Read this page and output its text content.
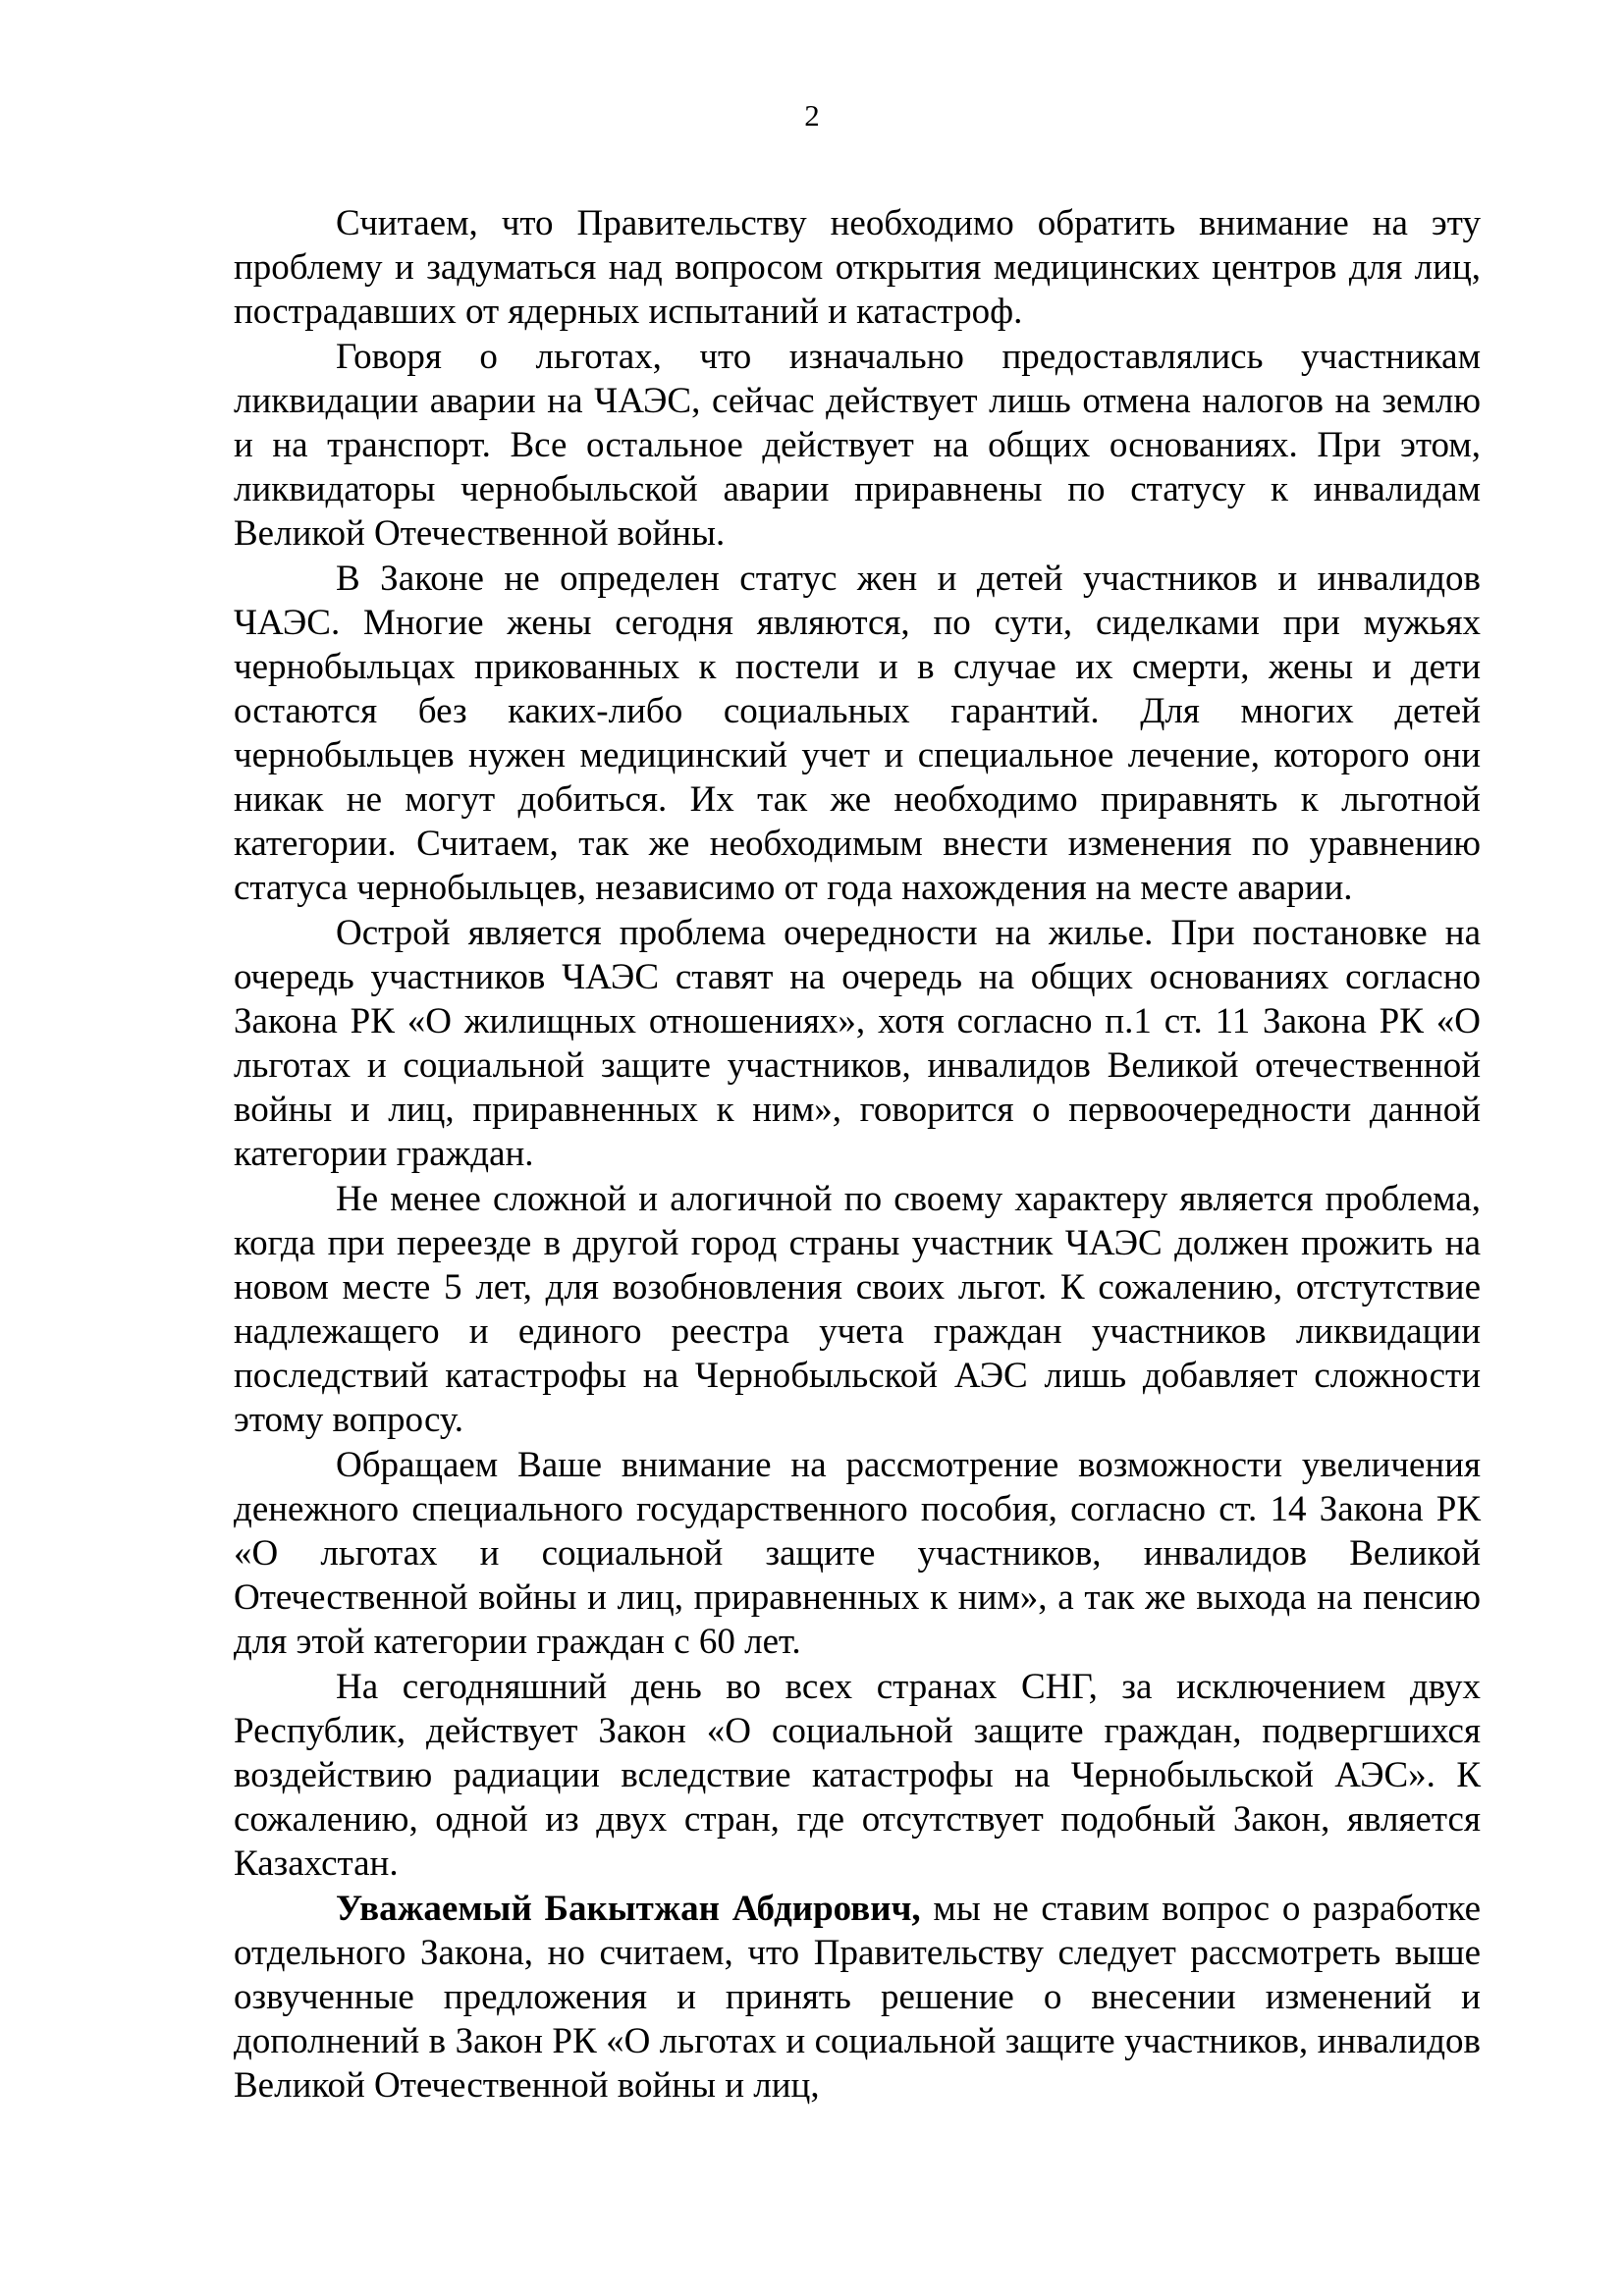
2

Считаем, что Правительству необходимо обратить внимание на эту проблему и задуматься над вопросом открытия медицинских центров для лиц, пострадавших от ядерных испытаний и катастроф.

Говоря о льготах, что изначально предоставлялись участникам ликвидации аварии на ЧАЭС, сейчас действует лишь отмена налогов на землю и на транспорт. Все остальное действует на общих основаниях. При этом, ликвидаторы чернобыльской аварии приравнены по статусу к инвалидам Великой Отечественной войны.

В Законе не определен статус жен и детей участников и инвалидов ЧАЭС. Многие жены сегодня являются, по сути, сиделками при мужьях чернобыльцах прикованных к постели и в случае их смерти, жены и дети остаются без каких-либо социальных гарантий. Для многих детей чернобыльцев нужен медицинский учет и специальное лечение, которого они никак не могут добиться. Их так же необходимо приравнять к льготной категории. Считаем, так же необходимым внести изменения по уравнению статуса чернобыльцев, независимо от года нахождения на месте аварии.

Острой является проблема очередности на жилье. При постановке на очередь участников ЧАЭС ставят на очередь на общих основаниях согласно Закона РК «О жилищных отношениях», хотя согласно п.1 ст. 11 Закона РК «О льготах и социальной защите участников, инвалидов Великой отечественной войны и лиц, приравненных к ним», говорится о первоочередности данной категории граждан.

Не менее сложной и алогичной по своему характеру является проблема, когда при переезде в другой город страны участник ЧАЭС должен прожить на новом месте 5 лет, для возобновления своих льгот. К сожалению, отстутствие надлежащего и единого реестра учета граждан участников ликвидации последствий катастрофы на Чернобыльской АЭС лишь добавляет сложности этому вопросу.

Обращаем Ваше внимание на рассмотрение возможности увеличения денежного специального государственного пособия, согласно ст. 14 Закона РК «О льготах и социальной защите участников, инвалидов Великой Отечественной войны и лиц, приравненных к ним», а так же выхода на пенсию для этой категории граждан с 60 лет.

На сегодняшний день во всех странах СНГ, за исключением двух Республик, действует Закон «О социальной защите граждан, подвергшихся воздействию радиации вследствие катастрофы на Чернобыльской АЭС». К сожалению, одной из двух стран, где отсутствует подобный Закон, является Казахстан.

Уважаемый Бакытжан Абдирович, мы не ставим вопрос о разработке отдельного Закона, но считаем, что Правительству следует рассмотреть выше озвученные предложения и принять решение о внесении изменений и дополнений в Закон РК «О льготах и социальной защите участников, инвалидов Великой Отечественной войны и лиц,
